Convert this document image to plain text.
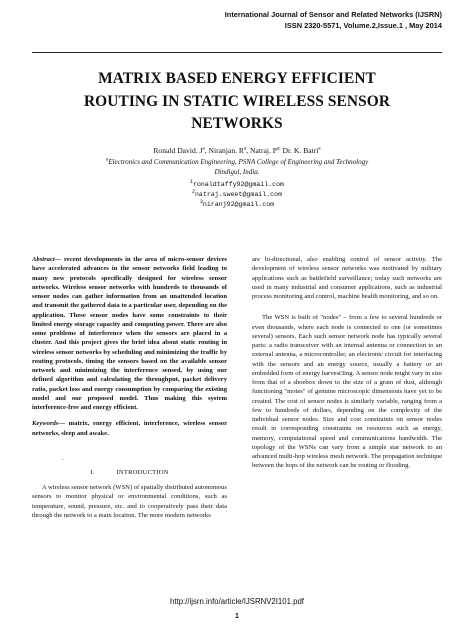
International Journal of Sensor and Related Networks (IJSRN)
ISSN 2320-5571, Volume.2,Issue.1 , May 2014
MATRIX BASED ENERGY EFFICIENT
ROUTING IN STATIC WIRELESS SENSOR
NETWORKS
Ronald David. $J^a$, Niranjan. $R^a$, Natraj. $P^{a;}$ Dr. K. Batri$^a$
$^a$Electronics and Communication Engineering, PSNA College of Engineering and Technology
Dindigul, India.
$^1$ronaldtaffy92@gmail.com
$^2$natraj.sweet@gmail.com
$^3$niranj92@gmail.com

Abstract— recent developments in the area of micro-sensor devices have accelerated advances in the sensor networks field leading to many new protocols specifically designed for wireless sensor networks. Wireless sensor networks with hundreds to thousands of sensor nodes can gather information from an unattended location and transmit the gathered data to a particular user, depending on the application. These sensor nodes have some constraints to their limited energy storage capacity and computing power. There are also some problems of interference when the sensors are placed in a cluster. And this project gives the brief idea about static routing in wireless sensor networks by scheduling and minimizing the traffic by routing protocols, timing the sensors based on the available sensor network and minimizing the interference sensed, by using our defined algorithm and calculating the throughput, packet delivery ratio, packet loss and energy consumption by comparing the existing model and our proposed model. Thus making this system interference-free and energy efficient.

Keywords— matrix, energy efficient, interference, wireless sensor networks, sleep and awake.

.
I.	INTRODUCTION

A wireless sensor network (WSN) of spatially distributed autonomous sensors to monitor physical or environmental conditions, such as temperature, sound, pressure, etc. and to cooperatively pass their data through the network to a main location. The more modern networks

are bi-directional, also enabling control of sensor activity. The development of wireless sensor networks was motivated by military applications such as battlefield surveillance; today such networks are used in many industrial and consumer applications, such as industrial process monitoring and control, machine health monitoring, and so on.

The WSN is built of "nodes" – from a few to several hundreds or even thousands, where each node is connected to one (or sometimes several) sensors. Each such sensor network node has typically several parts: a radio transceiver with an internal antenna or connection to an external antenna, a microcontroller, an electronic circuit for interfacing with the sensors and an energy source, usually a battery or an embedded form of energy harvest3ing. A sensor node might vary in size from that of a shoebox down to the size of a grain of dust, although functioning "motes" of genuine microscopic dimensions have yet to be created. The cost of sensor nodes is similarly variable, ranging from a few to hundreds of dollars, depending on the complexity of the individual sensor nodes. Size and cost constraints on sensor nodes result in corresponding constraints on resources such as energy, memory, computational speed and communications bandwidth. The topology of the WSNs can vary from a simple star network to an advanced multi-hop wireless mesh network. The propagation technique between the hops of the network can be routing or flooding.

http://ijsrn.info/article/IJSRNV2I101.pdf
1
